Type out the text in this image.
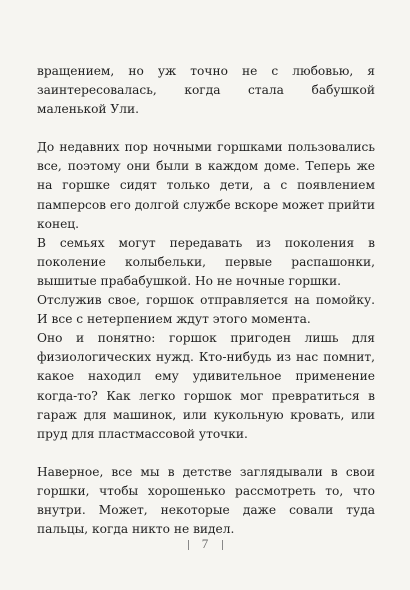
вращением, но уж точно не с любовью, я заинтересовалась, когда стала бабушкой маленькой Ули.

До недавних пор ночными горшками пользовались все, поэтому они были в каждом доме. Теперь же на горшке сидят только дети, а с появлением памперсов его долгой службе вскоре может прийти конец.

В семьях могут передавать из поколения в поколение колыбельки, первые распашонки, вышитые прабабушкой. Но не ночные горшки.

Отслужив свое, горшок отправляется на помойку. И все с нетерпением ждут этого момента.

Оно и понятно: горшок пригоден лишь для физиологических нужд. Кто-нибудь из нас помнит, какое находил ему удивительное применение когда-то? Как легко горшок мог превратиться в гараж для машинок, или кукольную кровать, или пруд для пластмассовой уточки.

Наверное, все мы в детстве заглядывали в свои горшки, чтобы хорошенько рассмотреть то, что внутри. Может, некоторые даже совали туда пальцы, когда никто не видел.

7
